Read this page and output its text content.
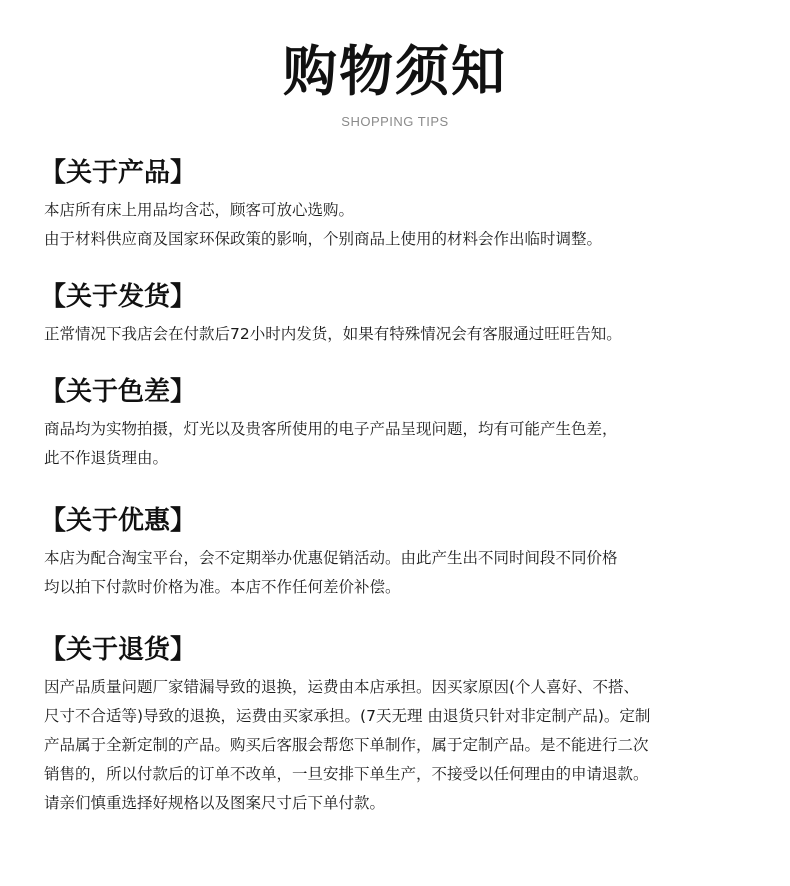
购物须知
SHOPPING TIPS
【关于产品】
本店所有床上用品均含芯，顾客可放心选购。
由于材料供应商及国家环保政策的影响，个别商品上使用的材料会作出临时调整。
【关于发货】
正常情况下我店会在付款后72小时内发货，如果有特殊情况会有客服通过旺旺告知。
【关于色差】
商品均为实物拍摄，灯光以及贵客所使用的电子产品呈现问题，均有可能产生色差，
此不作退货理由。
【关于优惠】
本店为配合淘宝平台，会不定期举办优惠促销活动。由此产生出不同时间段不同价格
均以拍下付款时价格为准。本店不作任何差价补偿。
【关于退货】
因产品质量问题厂家错漏导致的退换，运费由本店承担。因买家原因(个人喜好、不搭、
尺寸不合适等)导致的退换，运费由买家承担。(7天无理 由退货只针对非定制产品)。定制
产品属于全新定制的产品。购买后客服会帮您下单制作，属于定制产品。是不能进行二次
销售的，所以付款后的订单不改单，一旦安排下单生产，不接受以任何理由的申请退款。
请亲们慎重选择好规格以及图案尺寸后下单付款。
